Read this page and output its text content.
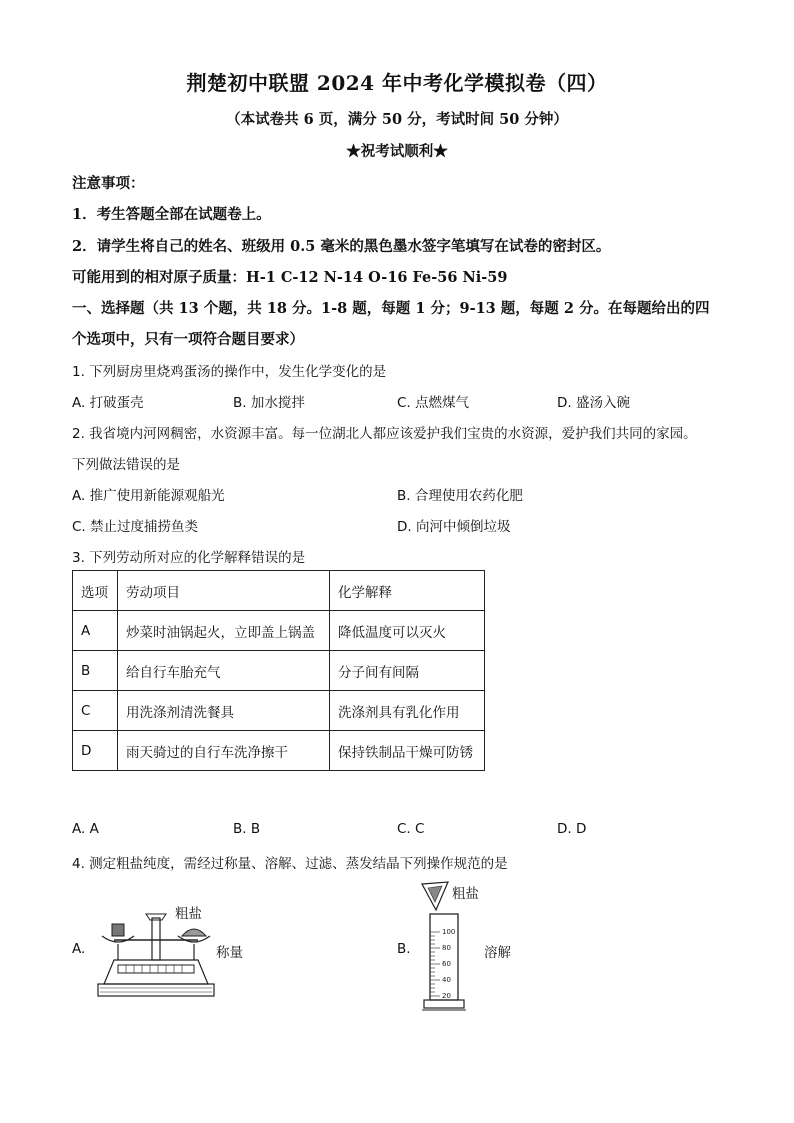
荆楚初中联盟 2024 年中考化学模拟卷（四）
（本试卷共 6 页，满分 50 分，考试时间 50 分钟）
★祝考试顺利★
注意事项：
1．考生答题全部在试题卷上。
2．请学生将自己的姓名、班级用 0.5 毫米的黑色墨水签字笔填写在试卷的密封区。
可能用到的相对原子质量：H-1 C-12 N-14 O-16 Fe-56 Ni-59
一、选择题（共 13 个题，共 18 分。1-8 题，每题 1 分；9-13 题，每题 2 分。在每题给出的四
个选项中，只有一项符合题目要求）
1. 下列厨房里烧鸡蛋汤的操作中，发生化学变化的是
A. 打破蛋壳	B. 加水搅拌	C. 点燃煤气	D. 盛汤入碗
2. 我省境内河网稠密，水资源丰富。每一位湖北人都应该爱护我们宝贵的水资源，爱护我们共同的家园。
下列做法错误的是
A. 推广使用新能源观船光	B. 合理使用农药化肥
C. 禁止过度捕捞鱼类	D. 向河中倾倒垃圾
3. 下列劳动所对应的化学解释错误的是
选项	劳动项目	化学解释
A	炒菜时油锅起火，立即盖上锅盖	降低温度可以灭火
B	给自行车胎充气	分子间有间隔
C	用洗涤剂清洗餐具	洗涤剂具有乳化作用
D	雨天骑过的自行车洗净擦干	保持铁制品干燥可防锈
A. A	B. B	C. C	D. D
4. 测定粗盐纯度，需经过称量、溶解、过滤、蒸发结晶下列操作规范的是
A.
粗盐
称量	B.
粗盐
溶解
100
80
60
40
20
